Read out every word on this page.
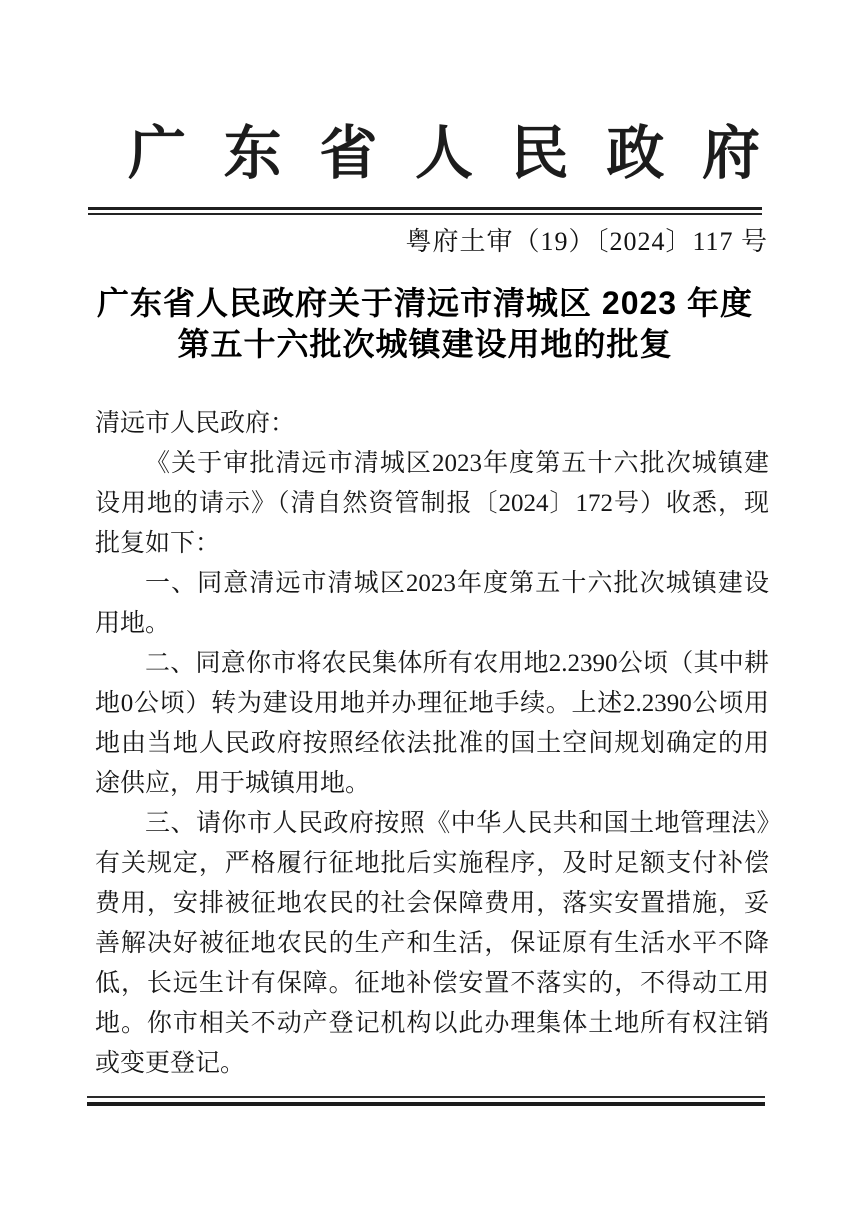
广东省人民政府
粤府土审（19）〔2024〕117 号
广东省人民政府关于清远市清城区 2023 年度
第五十六批次城镇建设用地的批复

清远市人民政府：

《关于审批清远市清城区2023年度第五十六批次城镇建设用地的请示》（清自然资管制报〔2024〕172号）收悉，现批复如下：

一、同意清远市清城区2023年度第五十六批次城镇建设用地。

二、同意你市将农民集体所有农用地2.2390公顷（其中耕地0公顷）转为建设用地并办理征地手续。上述2.2390公顷用地由当地人民政府按照经依法批准的国土空间规划确定的用途供应，用于城镇用地。

三、请你市人民政府按照《中华人民共和国土地管理法》有关规定，严格履行征地批后实施程序，及时足额支付补偿费用，安排被征地农民的社会保障费用，落实安置措施，妥善解决好被征地农民的生产和生活，保证原有生活水平不降低，长远生计有保障。征地补偿安置不落实的，不得动工用地。你市相关不动产登记机构以此办理集体土地所有权注销或变更登记。
